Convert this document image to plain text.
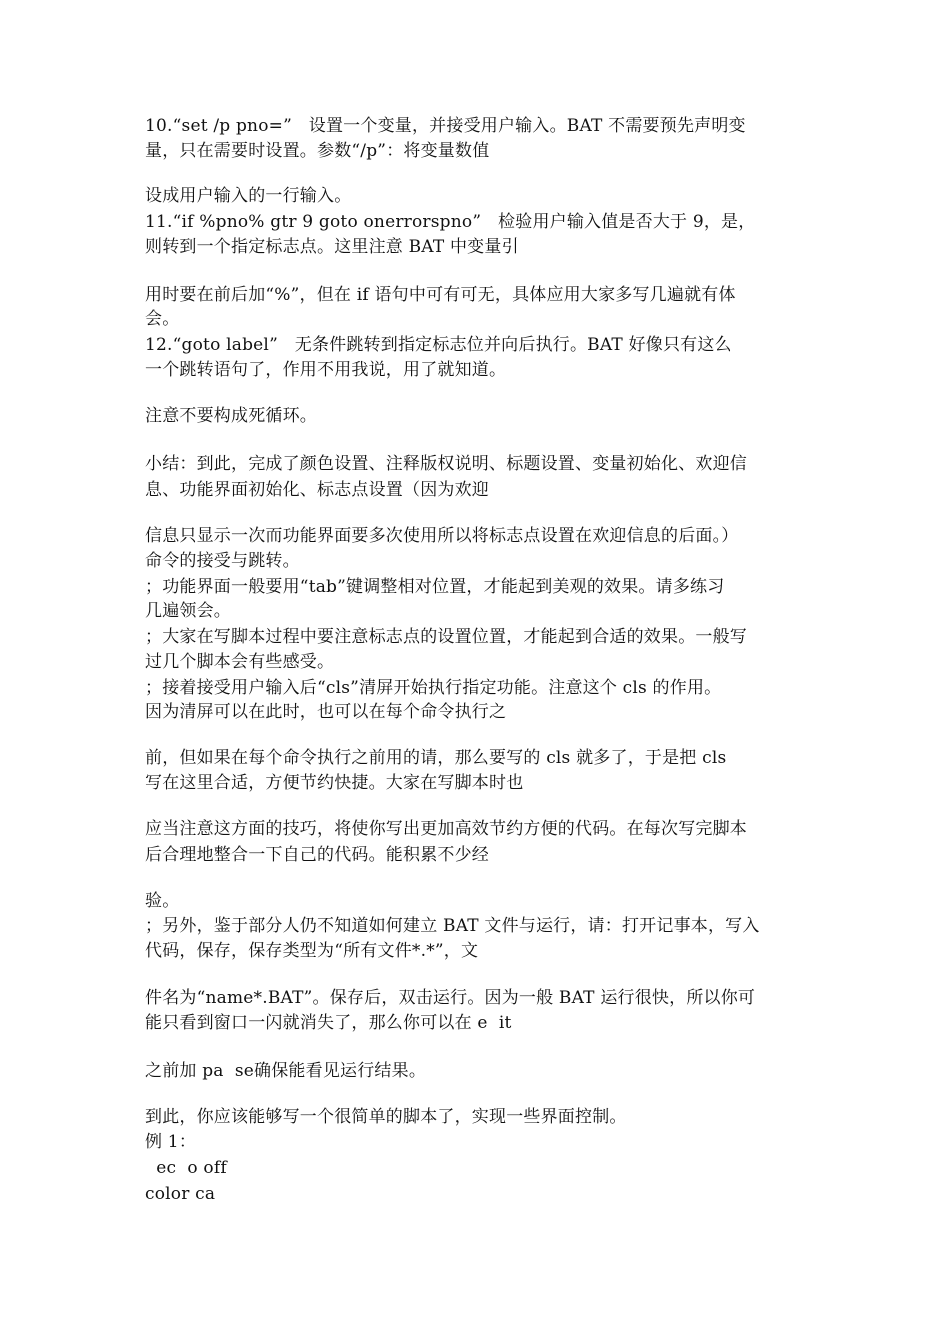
10.“set /p pno=”   设置一个变量，并接受用户输入。BAT 不需要预先声明变
量，只在需要时设置。参数“/p”：将变量数值
设成用户输入的一行输入。
11.“if %pno% gtr 9 goto onerrorspno”   检验用户输入值是否大于 9，是，
则转到一个指定标志点。这里注意 BAT 中变量引
用时要在前后加“%”，但在 if 语句中可有可无，具体应用大家多写几遍就有体
会。
12.“goto label”   无条件跳转到指定标志位并向后执行。BAT 好像只有这么
一个跳转语句了，作用不用我说，用了就知道。
注意不要构成死循环。
小结：到此，完成了颜色设置、注释版权说明、标题设置、变量初始化、欢迎信
息、功能界面初始化、标志点设置（因为欢迎
信息只显示一次而功能界面要多次使用所以将标志点设置在欢迎信息的后面。）
命令的接受与跳转。
；功能界面一般要用“tab”键调整相对位置，才能起到美观的效果。请多练习
几遍领会。
；大家在写脚本过程中要注意标志点的设置位置，才能起到合适的效果。一般写
过几个脚本会有些感受。
；接着接受用户输入后“cls”清屏开始执行指定功能。注意这个 cls 的作用。
因为清屏可以在此时，也可以在每个命令执行之
前，但如果在每个命令执行之前用的请，那么要写的 cls 就多了，于是把 cls
写在这里合适，方便节约快捷。大家在写脚本时也
应当注意这方面的技巧，将使你写出更加高效节约方便的代码。在每次写完脚本
后合理地整合一下自己的代码。能积累不少经
验。
；另外，鉴于部分人仍不知道如何建立 BAT 文件与运行，请：打开记事本，写入
代码，保存，保存类型为“所有文件*.*”，文
件名为“name*.BAT”。保存后，双击运行。因为一般 BAT 运行很快，所以你可
能只看到窗口一闪就消失了，那么你可以在 e  it
之前加 pa  se确保能看见运行结果。
到此，你应该能够写一个很简单的脚本了，实现一些界面控制。
例 1：
ec  o off
color ca
